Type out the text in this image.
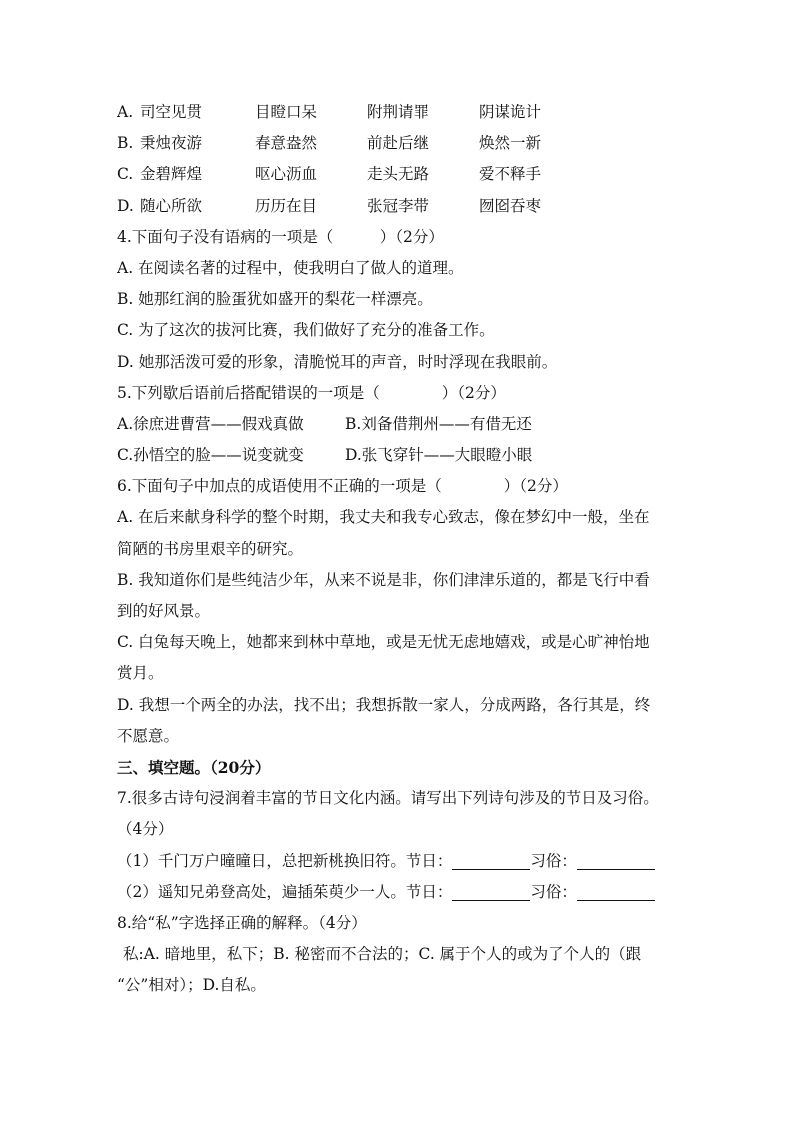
A. 司空见贯	目瞪口呆	附荆请罪	阴谋诡计
B. 秉烛夜游	春意盎然	前赴后继	焕然一新
C. 金碧辉煌	呕心沥血	走头无路	爱不释手
D. 随心所欲	历历在目	张冠李带	囫囵吞枣
4.下面句子没有语病的一项是（　　　）（2分）
A. 在阅读名著的过程中，使我明白了做人的道理。
B. 她那红润的脸蛋犹如盛开的梨花一样漂亮。
C. 为了这次的拔河比赛，我们做好了充分的准备工作。
D. 她那活泼可爱的形象，清脆悦耳的声音，时时浮现在我眼前。
5.下列歇后语前后搭配错误的一项是（　　　　）（2分）
A.徐庶进曹营——假戏真做	B.刘备借荆州——有借无还
C.孙悟空的脸——说变就变	D.张飞穿针——大眼瞪小眼
6.下面句子中加点的成语使用不正确的一项是（　　　　）（2分）
A. 在后来献身科学的整个时期，我丈夫和我专心致志，像在梦幻中一般，坐在
简陋的书房里艰辛的研究。
B. 我知道你们是些纯洁少年，从来不说是非，你们津津乐道的，都是飞行中看
到的好风景。
C. 白兔每天晚上，她都来到林中草地，或是无忧无虑地嬉戏，或是心旷神怡地
赏月。
D. 我想一个两全的办法，找不出；我想拆散一家人，分成两路，各行其是，终
不愿意。
三、填空题。（20分）
7.很多古诗句浸润着丰富的节日文化内涵。请写出下列诗句涉及的节日及习俗。
（4分）
（1）千门万户曈曈日，总把新桃换旧符。节日：	习俗：
（2）遥知兄弟登高处，遍插茱萸少一人。节日：	习俗：
8.给“私”字选择正确的解释。（4分）
私:A. 暗地里，私下；B. 秘密而不合法的；C. 属于个人的或为了个人的（跟
“公”相对）；D.自私。
